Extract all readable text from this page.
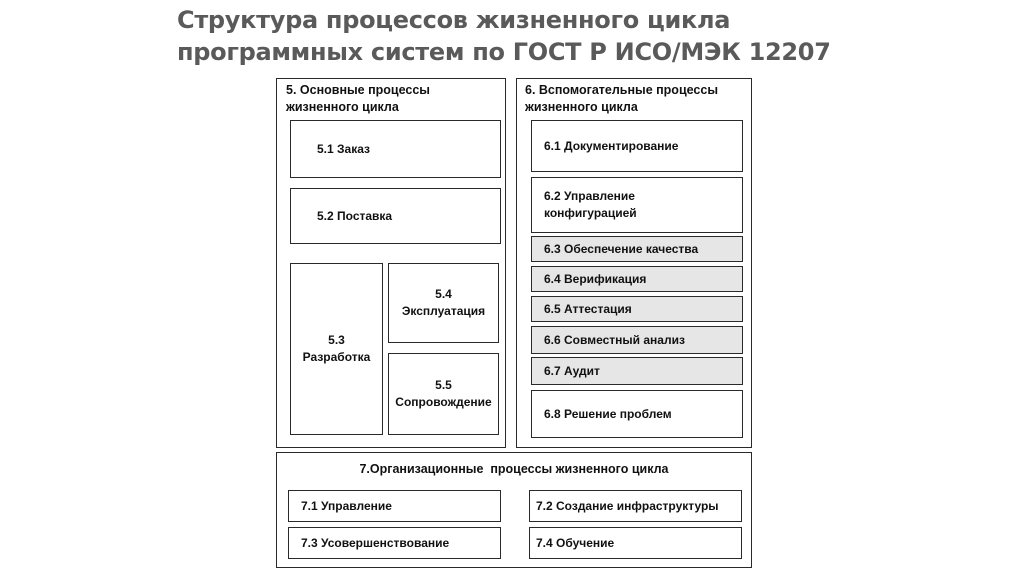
Структура процессов жизненного цикла
программных систем по ГОСТ Р ИСО/МЭК 12207
5. Основные процессы
жизненного цикла
5.1 Заказ
5.2 Поставка
5.3
Разработка
5.4
Эксплуатация
5.5
Сопровождение
6. Вспомогательные процессы
жизненного цикла
6.1 Документирование
6.2 Управление
конфигурацией
6.3 Обеспечение качества
6.4 Верификация
6.5 Аттестация
6.6 Совместный анализ
6.7 Аудит
6.8 Решение проблем
7.Организационные  процессы жизненного цикла
7.1 Управление	7.2 Создание инфраструктуры
7.3 Усовершенствование	7.4 Обучение
